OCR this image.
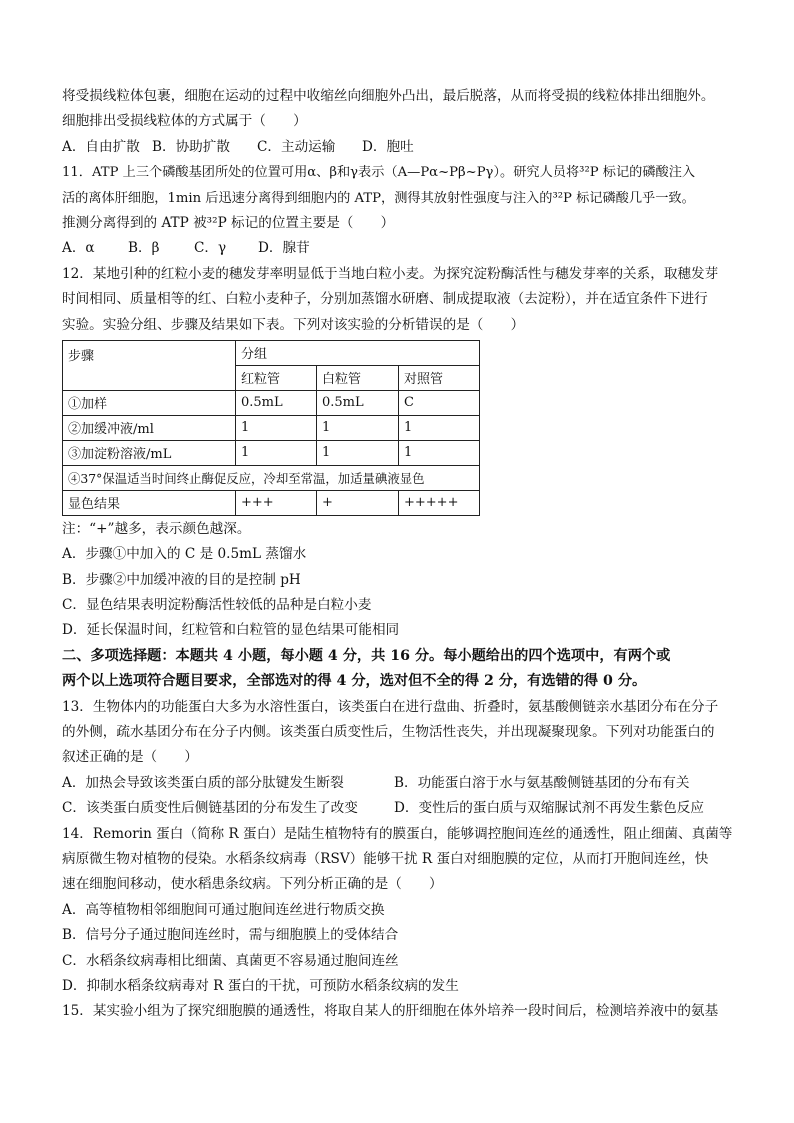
将受损线粒体包裹，细胞在运动的过程中收缩丝向细胞外凸出，最后脱落，从而将受损的线粒体排出细胞外。
细胞排出受损线粒体的方式属于（　　）
A．自由扩散 B．协助扩散	C．主动运输	D．胞吐
11．ATP 上三个磷酸基团所处的位置可用α、β和γ表示（A—Pα~Pβ~Pγ）。研究人员将³²P 标记的磷酸注入
活的离体肝细胞，1min 后迅速分离得到细胞内的 ATP，测得其放射性强度与注入的³²P 标记磷酸几乎一致。
推测分离得到的 ATP 被³²P 标记的位置主要是（　　）
A．α	B．β	C．γ	D．腺苷
12．某地引种的红粒小麦的穗发芽率明显低于当地白粒小麦。为探究淀粉酶活性与穗发芽率的关系，取穗发芽
时间相同、质量相等的红、白粒小麦种子，分别加蒸馏水研磨、制成提取液（去淀粉），并在适宜条件下进行
实验。实验分组、步骤及结果如下表。下列对该实验的分析错误的是（　　）
步骤	分组		
	红粒管	白粒管	对照管
①加样	0.5mL	0.5mL	C
②加缓冲液/ml	1	1	1
③加淀粉溶液/mL	1	1	1
④37°保温适当时间终止酶促反应，冷却至常温，加适量碘液显色			
显色结果	+++	+	+++++
注：“+”越多，表示颜色越深。
A．步骤①中加入的 C 是 0.5mL 蒸馏水
B．步骤②中加缓冲液的目的是控制 pH
C．显色结果表明淀粉酶活性较低的品种是白粒小麦
D．延长保温时间，红粒管和白粒管的显色结果可能相同
二、多项选择题：本题共 4 小题，每小题 4 分，共 16 分。每小题给出的四个选项中，有两个或
两个以上选项符合题目要求，全部选对的得 4 分，选对但不全的得 2 分，有选错的得 0 分。
13．生物体内的功能蛋白大多为水溶性蛋白，该类蛋白在进行盘曲、折叠时，氨基酸侧链亲水基团分布在分子
的外侧，疏水基团分布在分子内侧。该类蛋白质变性后，生物活性丧失，并出现凝聚现象。下列对功能蛋白的
叙述正确的是（　　）
A．加热会导致该类蛋白质的部分肽键发生断裂	B．功能蛋白溶于水与氨基酸侧链基团的分布有关
C．该类蛋白质变性后侧链基团的分布发生了改变	D．变性后的蛋白质与双缩脲试剂不再发生紫色反应
14．Remorin 蛋白（简称 R 蛋白）是陆生植物特有的膜蛋白，能够调控胞间连丝的通透性，阻止细菌、真菌等
病原微生物对植物的侵染。水稻条纹病毒（RSV）能够干扰 R 蛋白对细胞膜的定位，从而打开胞间连丝，快
速在细胞间移动，使水稻患条纹病。下列分析正确的是（　　）
A．高等植物相邻细胞间可通过胞间连丝进行物质交换
B．信号分子通过胞间连丝时，需与细胞膜上的受体结合
C．水稻条纹病毒相比细菌、真菌更不容易通过胞间连丝
D．抑制水稻条纹病毒对 R 蛋白的干扰，可预防水稻条纹病的发生
15．某实验小组为了探究细胞膜的通透性，将取自某人的肝细胞在体外培养一段时间后，检测培养液中的氨基
